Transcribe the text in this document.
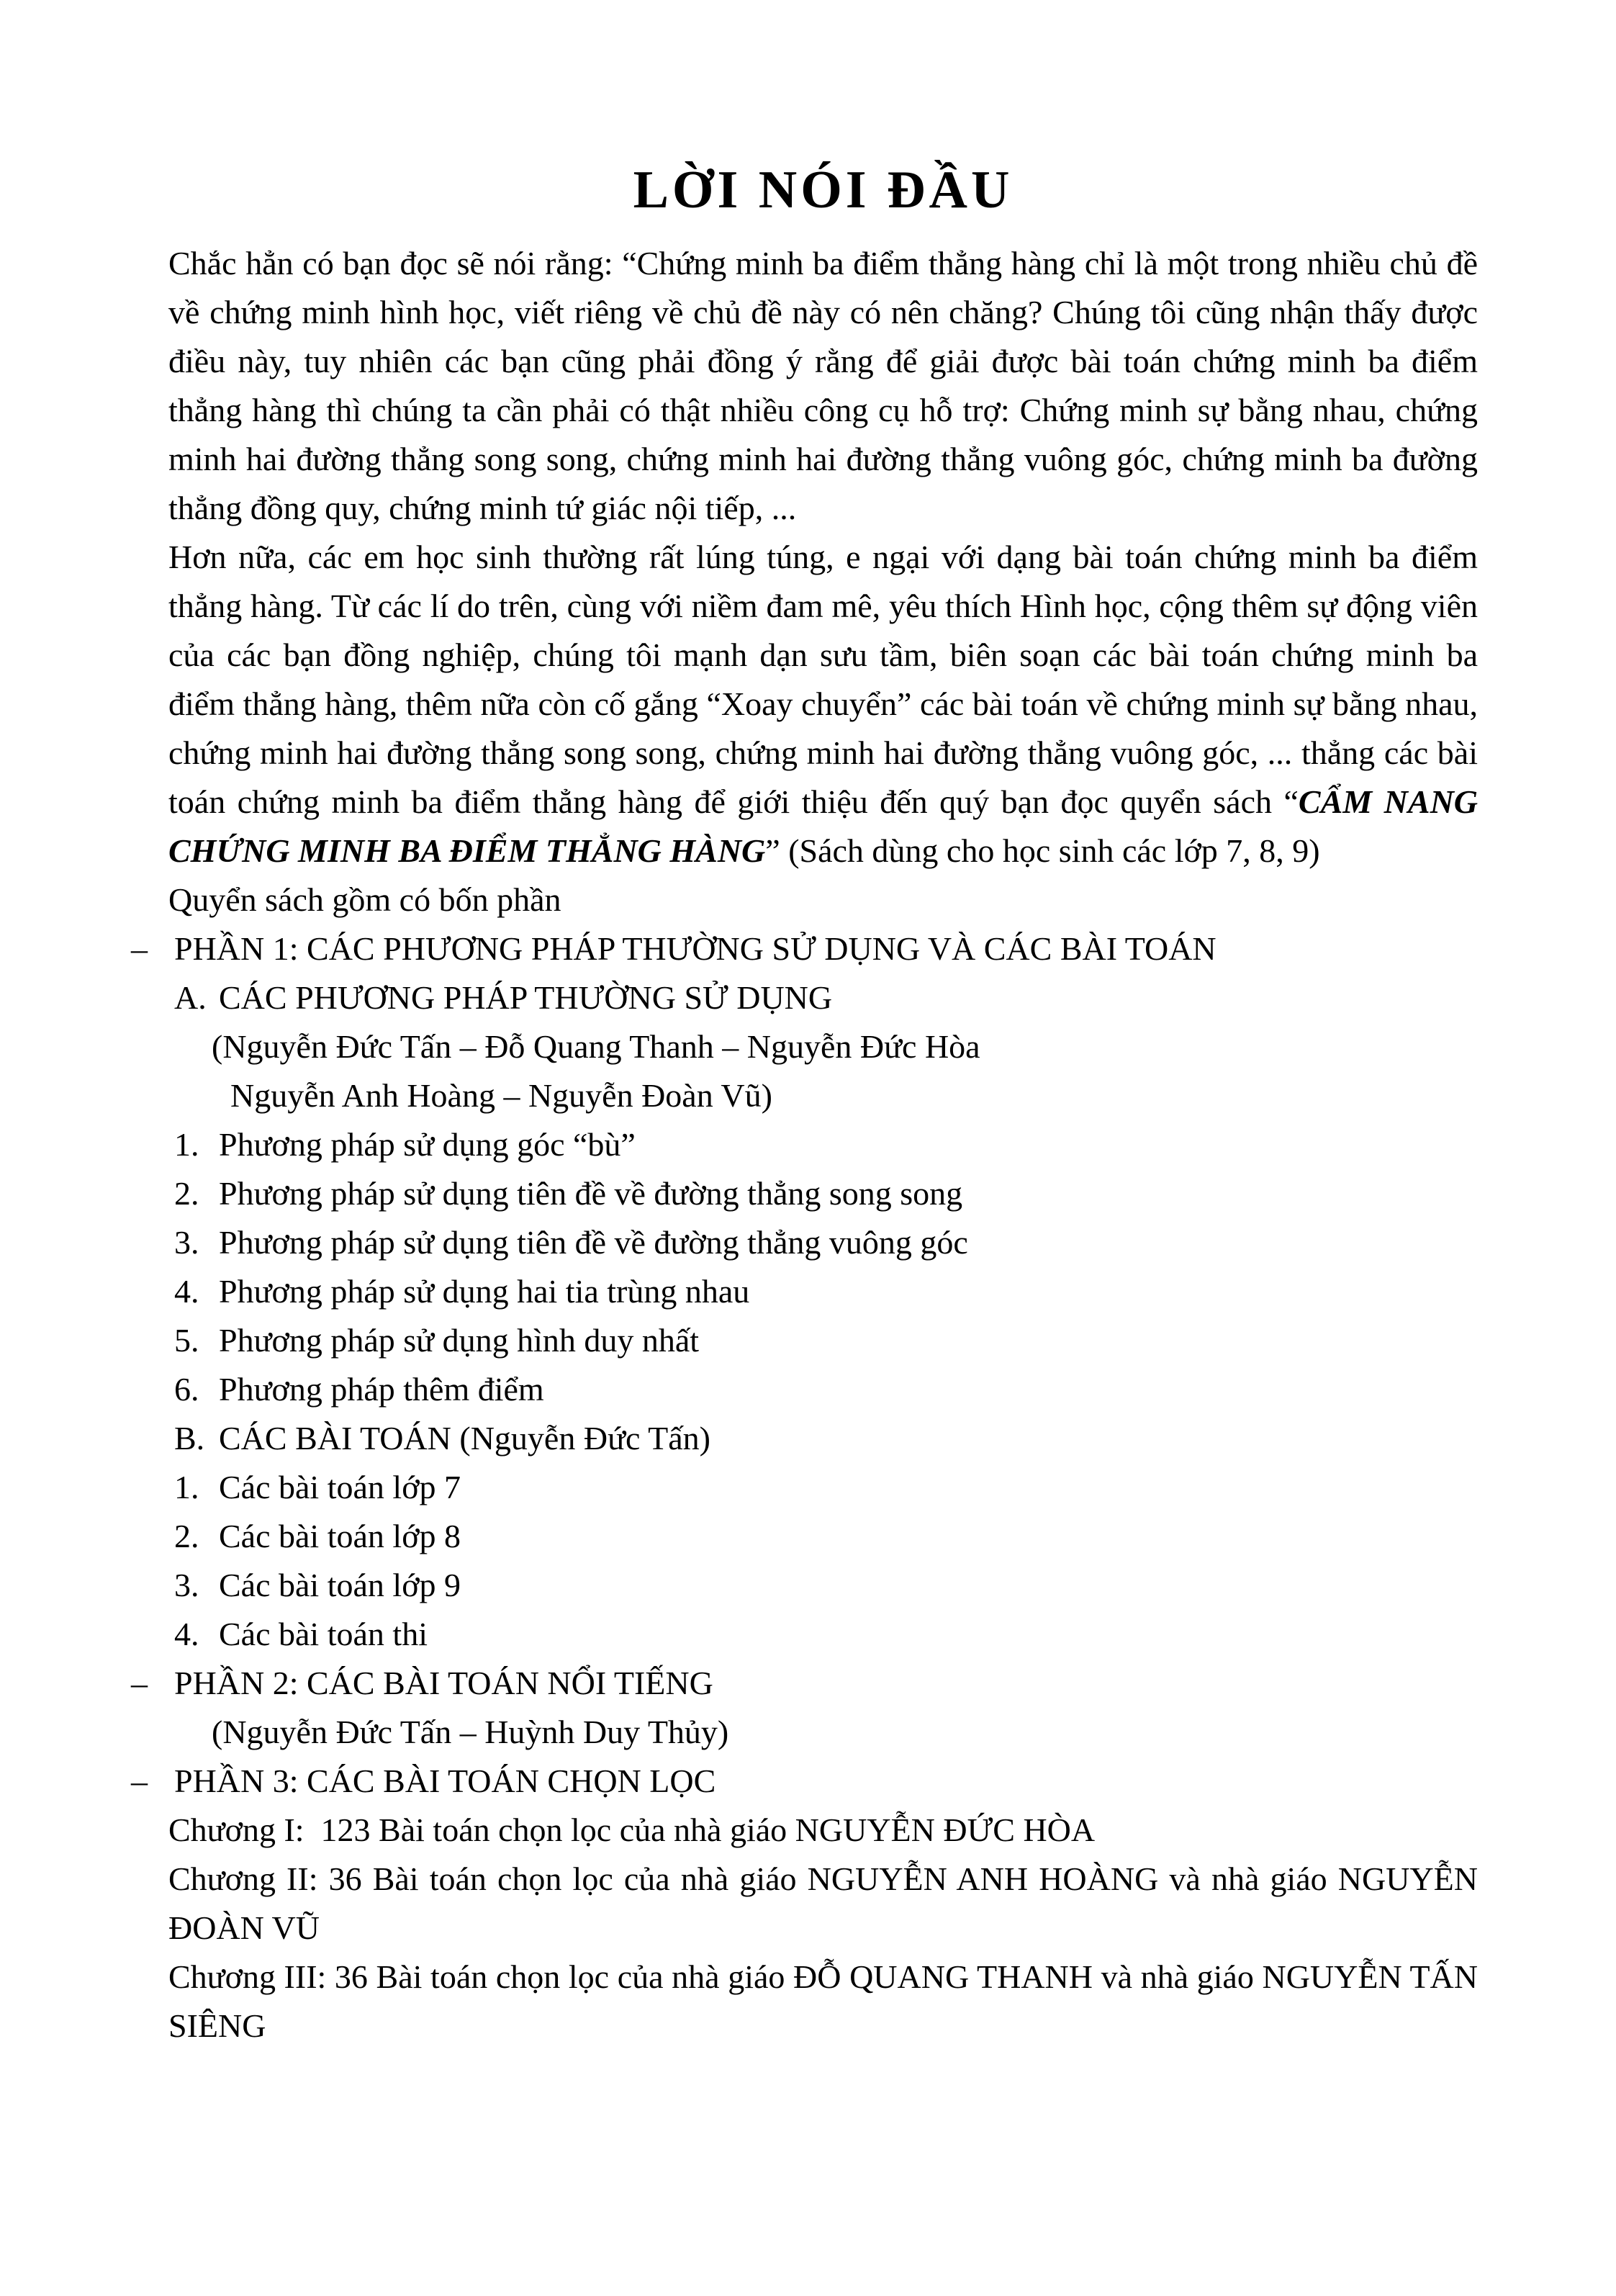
LỜI NÓI ĐẦU

Chắc hẳn có bạn đọc sẽ nói rằng: “Chứng minh ba điểm thẳng hàng chỉ là một trong nhiều chủ đề về chứng minh hình học, viết riêng về chủ đề này có nên chăng? Chúng tôi cũng nhận thấy được điều này, tuy nhiên các bạn cũng phải đồng ý rằng để giải được bài toán chứng minh ba điểm thẳng hàng thì chúng ta cần phải có thật nhiều công cụ hỗ trợ: Chứng minh sự bằng nhau, chứng minh hai đường thẳng song song, chứng minh hai đường thẳng vuông góc, chứng minh ba đường thẳng đồng quy, chứng minh tứ giác nội tiếp, ...

Hơn nữa, các em học sinh thường rất lúng túng, e ngại với dạng bài toán chứng minh ba điểm thẳng hàng. Từ các lí do trên, cùng với niềm đam mê, yêu thích Hình học, cộng thêm sự động viên của các bạn đồng nghiệp, chúng tôi mạnh dạn sưu tầm, biên soạn các bài toán chứng minh ba điểm thẳng hàng, thêm nữa còn cố gắng “Xoay chuyển” các bài toán về chứng minh sự bằng nhau, chứng minh hai đường thẳng song song, chứng minh hai đường thẳng vuông góc, ... thẳng các bài toán chứng minh ba điểm thẳng hàng để giới thiệu đến quý bạn đọc quyển sách “CẨM NANG CHỨNG MINH BA ĐIỂM THẲNG HÀNG” (Sách dùng cho học sinh các lớp 7, 8, 9)

Quyển sách gồm có bốn phần

– PHẦN 1: CÁC PHƯƠNG PHÁP THƯỜNG SỬ DỤNG VÀ CÁC BÀI TOÁN
A. CÁC PHƯƠNG PHÁP THƯỜNG SỬ DỤNG
(Nguyễn Đức Tấn – Đỗ Quang Thanh – Nguyễn Đức Hòa
Nguyễn Anh Hoàng – Nguyễn Đoàn Vũ)
1. Phương pháp sử dụng góc “bù”
2. Phương pháp sử dụng tiên đề về đường thẳng song song
3. Phương pháp sử dụng tiên đề về đường thẳng vuông góc
4. Phương pháp sử dụng hai tia trùng nhau
5. Phương pháp sử dụng hình duy nhất
6. Phương pháp thêm điểm
B. CÁC BÀI TOÁN (Nguyễn Đức Tấn)
1. Các bài toán lớp 7
2. Các bài toán lớp 8
3. Các bài toán lớp 9
4. Các bài toán thi
– PHẦN 2: CÁC BÀI TOÁN NỔI TIẾNG
(Nguyễn Đức Tấn – Huỳnh Duy Thủy)
– PHẦN 3: CÁC BÀI TOÁN CHỌN LỌC
Chương I:  123 Bài toán chọn lọc của nhà giáo NGUYỄN ĐỨC HÒA
Chương II: 36 Bài toán chọn lọc của nhà giáo NGUYỄN ANH HOÀNG và nhà giáo NGUYỄN ĐOÀN VŨ
Chương III: 36 Bài toán chọn lọc của nhà giáo ĐỖ QUANG THANH và nhà giáo NGUYỄN TẤN SIÊNG
